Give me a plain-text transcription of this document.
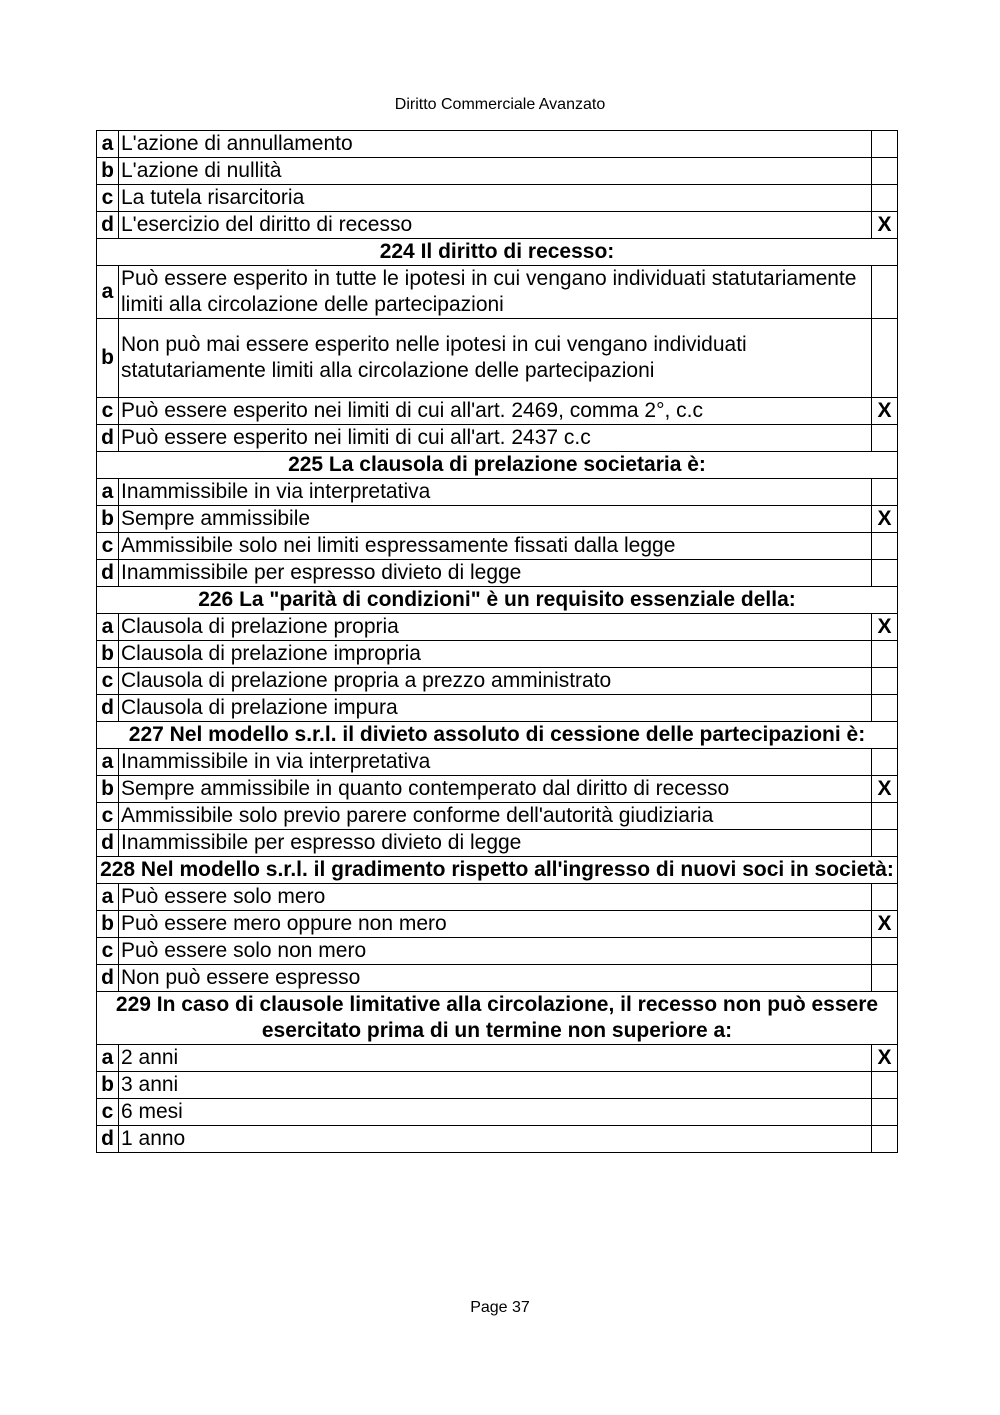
Diritto Commerciale Avanzato
a	L'azione di annullamento	
b	L'azione di nullità	
c	La tutela risarcitoria	
d	L'esercizio del diritto di recesso	X
224 Il diritto di recesso:		
a	Può essere esperito in tutte le ipotesi in cui vengano individuati statutariamente limiti alla circolazione delle partecipazioni	
b	Non può mai essere esperito nelle ipotesi in cui vengano individuati statutariamente limiti alla circolazione delle partecipazioni	
c	Può essere esperito nei limiti di cui all'art. 2469, comma 2°, c.c	X
d	Può essere esperito nei limiti di cui all'art. 2437 c.c	
225 La clausola di prelazione societaria è:		
a	Inammissibile in via interpretativa	
b	Sempre ammissibile	X
c	Ammissibile solo nei limiti espressamente fissati dalla legge	
d	Inammissibile per espresso divieto di legge	
226 La "parità di condizioni" è un requisito essenziale della:		
a	Clausola di prelazione propria	X
b	Clausola di prelazione impropria	
c	Clausola di prelazione propria a prezzo amministrato	
d	Clausola di prelazione impura	
227 Nel modello s.r.l. il divieto assoluto di cessione delle partecipazioni è:		
a	Inammissibile in via interpretativa	
b	Sempre ammissibile in quanto contemperato dal diritto di recesso	X
c	Ammissibile solo previo parere conforme dell'autorità giudiziaria	
d	Inammissibile per espresso divieto di legge	
228 Nel modello s.r.l. il gradimento rispetto all'ingresso di nuovi soci in società:		
a	Può essere solo mero	
b	Può essere mero oppure non mero	X
c	Può essere solo non mero	
d	Non può essere espresso	
229 In caso di clausole limitative alla circolazione, il recesso non può essere esercitato prima di un termine non superiore a:		
a	2 anni	X
b	3 anni	
c	6 mesi	
d	1 anno	
Page 37
